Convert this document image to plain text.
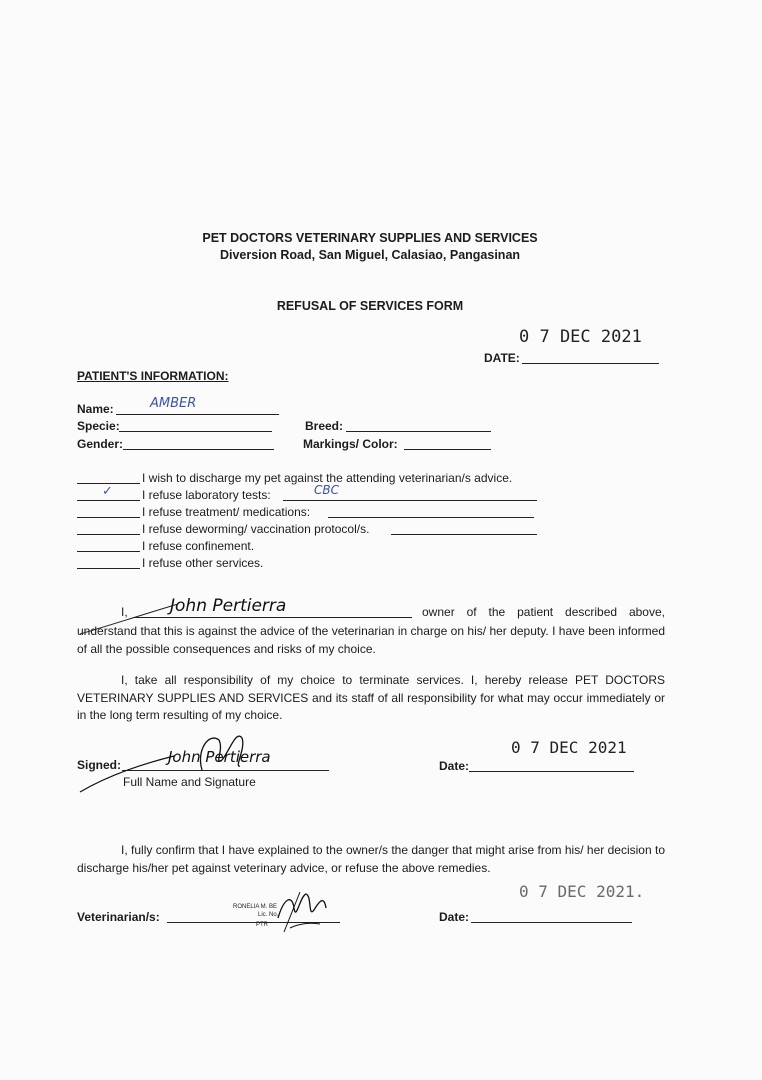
PET DOCTORS VETERINARY SUPPLIES AND SERVICES
Diversion Road, San Miguel, Calasiao, Pangasinan
REFUSAL OF SERVICES FORM
0 7 DEC 2021
DATE:
PATIENT'S INFORMATION:
Name:	AMBER
Specie:	Breed:
Gender:	Markings/ Color:
I wish to discharge my pet against the attending veterinarian/s advice.
✓ I refuse laboratory tests:	CBC
I refuse treatment/ medications:
I refuse deworming/ vaccination protocol/s.
I refuse confinement.
I refuse other services.
I, John Pertierra	owner of the patient described above,
understand that this is against the advice of the veterinarian in charge on his/ her deputy. I have been informed of all the possible consequences and risks of my choice.
I, take all responsibility of my choice to terminate services. I, hereby release PET DOCTORS VETERINARY SUPPLIES AND SERVICES and its staff of all responsibility for what may occur immediately or in the long term resulting of my choice.
Signed:	John Pertierra
Full Name and Signature
0 7 DEC 2021
Date:
I, fully confirm that I have explained to the owner/s the danger that might arise from his/ her decision to discharge his/her pet against veterinary advice, or refuse the above remedies.
Veterinarian/s:
RONELIA M. BE
Lic. No.
PTR
0 7 DEC 2021.
Date:
